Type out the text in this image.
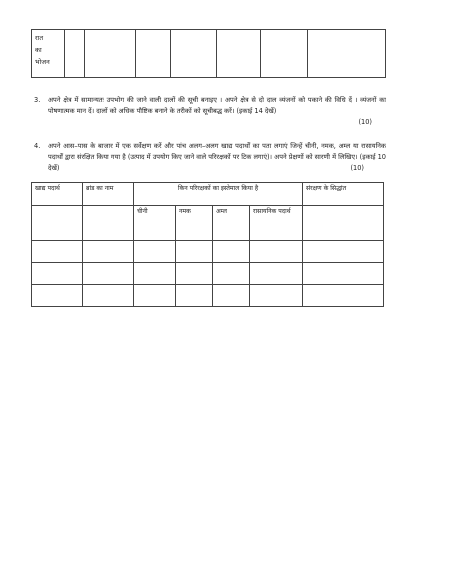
रात
का
भोजन

3. अपने क्षेत्र में सामान्यतः उपभोग की जाने वाली दालों की सूची बनाइए । अपने क्षेत्र से दो दाल व्यंजनों को पकाने की विधि दें । व्यंजनों का पोषणात्मक मान दें। दालों को अधिक पौष्टिक बनाने के तरीकों को सूचीबद्ध करें। (इकाई 14 देखें)
(10)
4. अपने आस–पास के बाजार में एक सर्वेक्षण करें और पांच अलग–अलग खाद्य पदार्थों का पता लगाएं जिन्हें चीनी, नमक, अम्ल या रासायनिक पदार्थों द्वारा संरक्षित किया गया है (उत्पाद में उपयोग किए जाने वाले परिरक्षकों पर टिक लगाएं)। अपने प्रेक्षणों को सारणी में लिखिए। (इकाई 10 देखें)	(10)
खाद्य पदार्थ	ब्रांड का नाम	किन परिरक्षकों का इस्तेमाल किया है				संरक्षण के सिद्धांत
		चीनी	नमक	अम्ल	रासायनिक पदार्थ	
